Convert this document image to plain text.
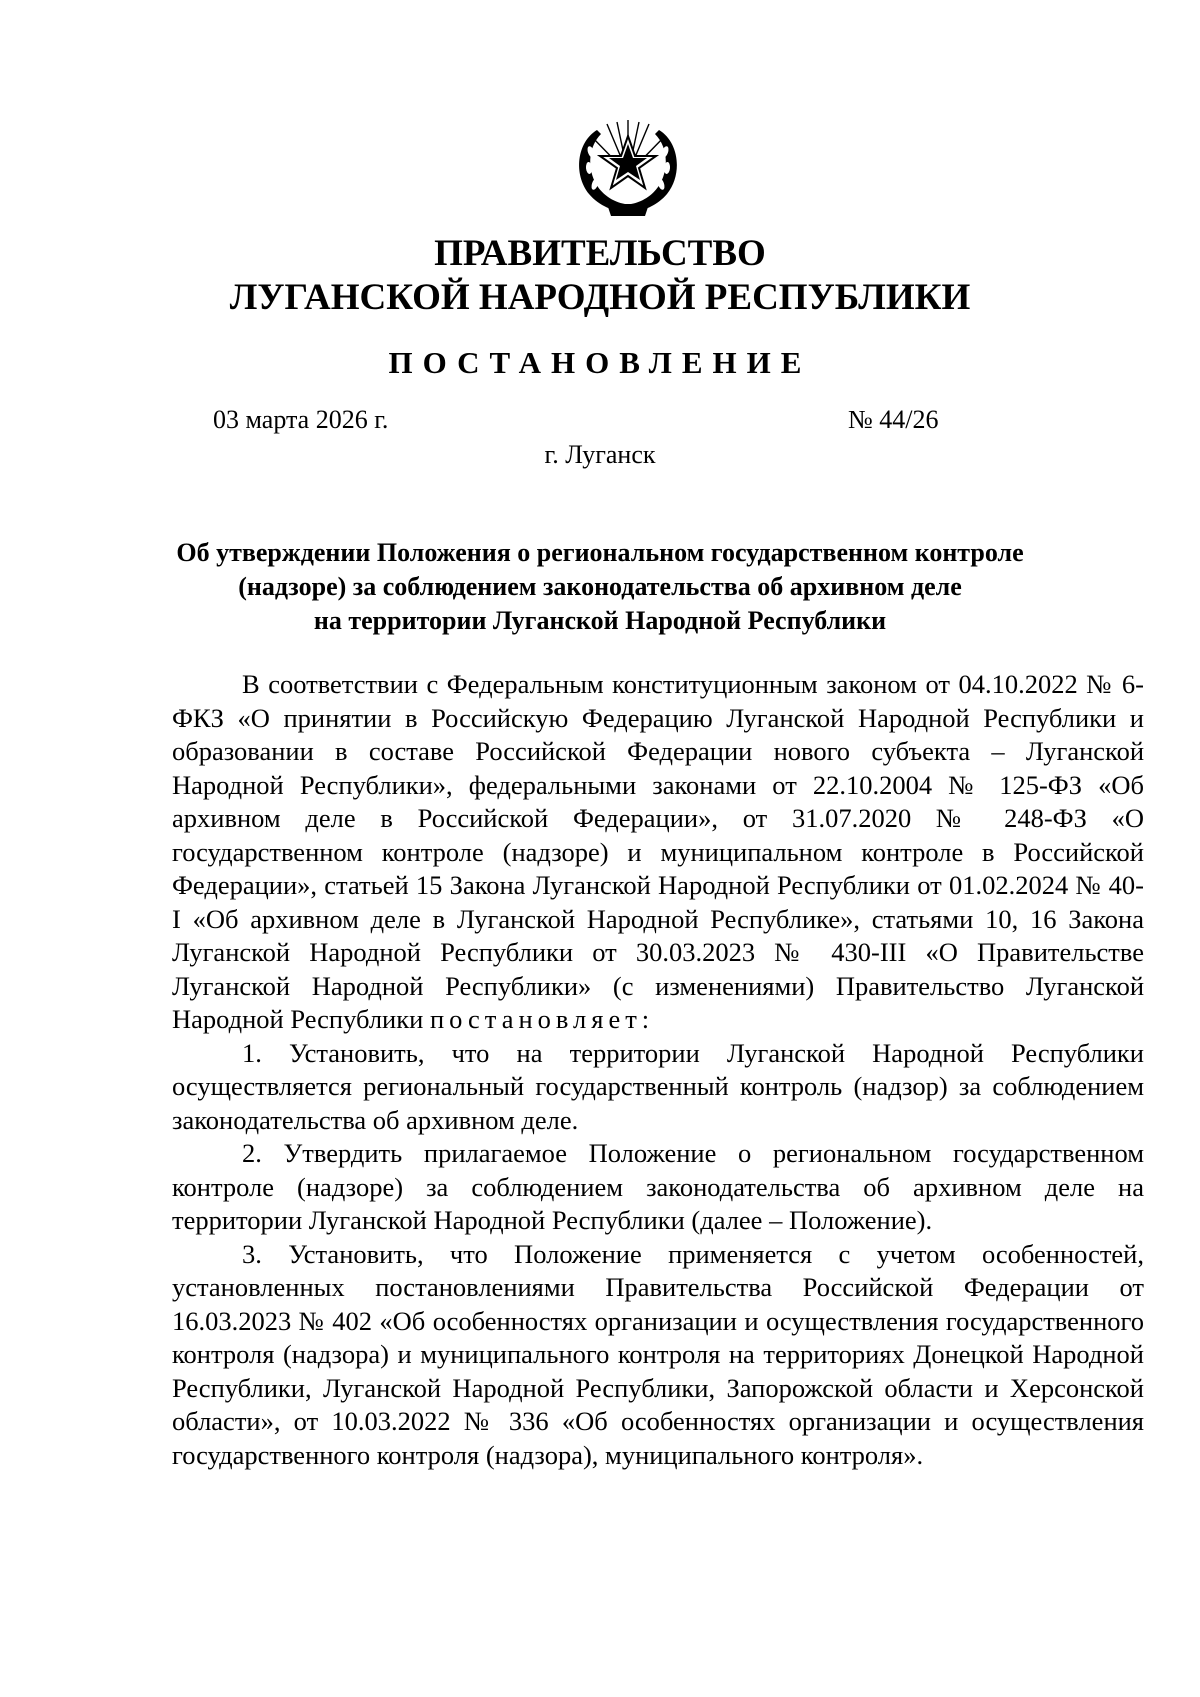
ПРАВИТЕЛЬСТВО
ЛУГАНСКОЙ НАРОДНОЙ РЕСПУБЛИКИ
ПОСТАНОВЛЕНИЕ
03 марта 2026 г.	№ 44/26
г. Луганск
Об утверждении Положения о региональном государственном контроле
(надзоре) за соблюдением законодательства об архивном деле
на территории Луганской Народной Республики

В соответствии с Федеральным конституционным законом от 04.10.2022 № 6-ФКЗ «О принятии в Российскую Федерацию Луганской Народной Республики и образовании в составе Российской Федерации нового субъекта – Луганской Народной Республики», федеральными законами от 22.10.2004 № 125-ФЗ «Об архивном деле в Российской Федерации», от 31.07.2020 № 248-ФЗ «О государственном контроле (надзоре) и муниципальном контроле в Российской Федерации», статьей 15 Закона Луганской Народной Республики от 01.02.2024 № 40-I «Об архивном деле в Луганской Народной Республике», статьями 10, 16 Закона Луганской Народной Республики от 30.03.2023 № 430-III «О Правительстве Луганской Народной Республики» (с изменениями) Правительство Луганской Народной Республики постановляет:

1. Установить, что на территории Луганской Народной Республики осуществляется региональный государственный контроль (надзор) за соблюдением законодательства об архивном деле.

2. Утвердить прилагаемое Положение о региональном государственном контроле (надзоре) за соблюдением законодательства об архивном деле на территории Луганской Народной Республики (далее – Положение).

3. Установить, что Положение применяется с учетом особенностей, установленных постановлениями Правительства Российской Федерации от 16.03.2023 № 402 «Об особенностях организации и осуществления государственного контроля (надзора) и муниципального контроля на территориях Донецкой Народной Республики, Луганской Народной Республики, Запорожской области и Херсонской области», от 10.03.2022 № 336 «Об особенностях организации и осуществления государственного контроля (надзора), муниципального контроля».
